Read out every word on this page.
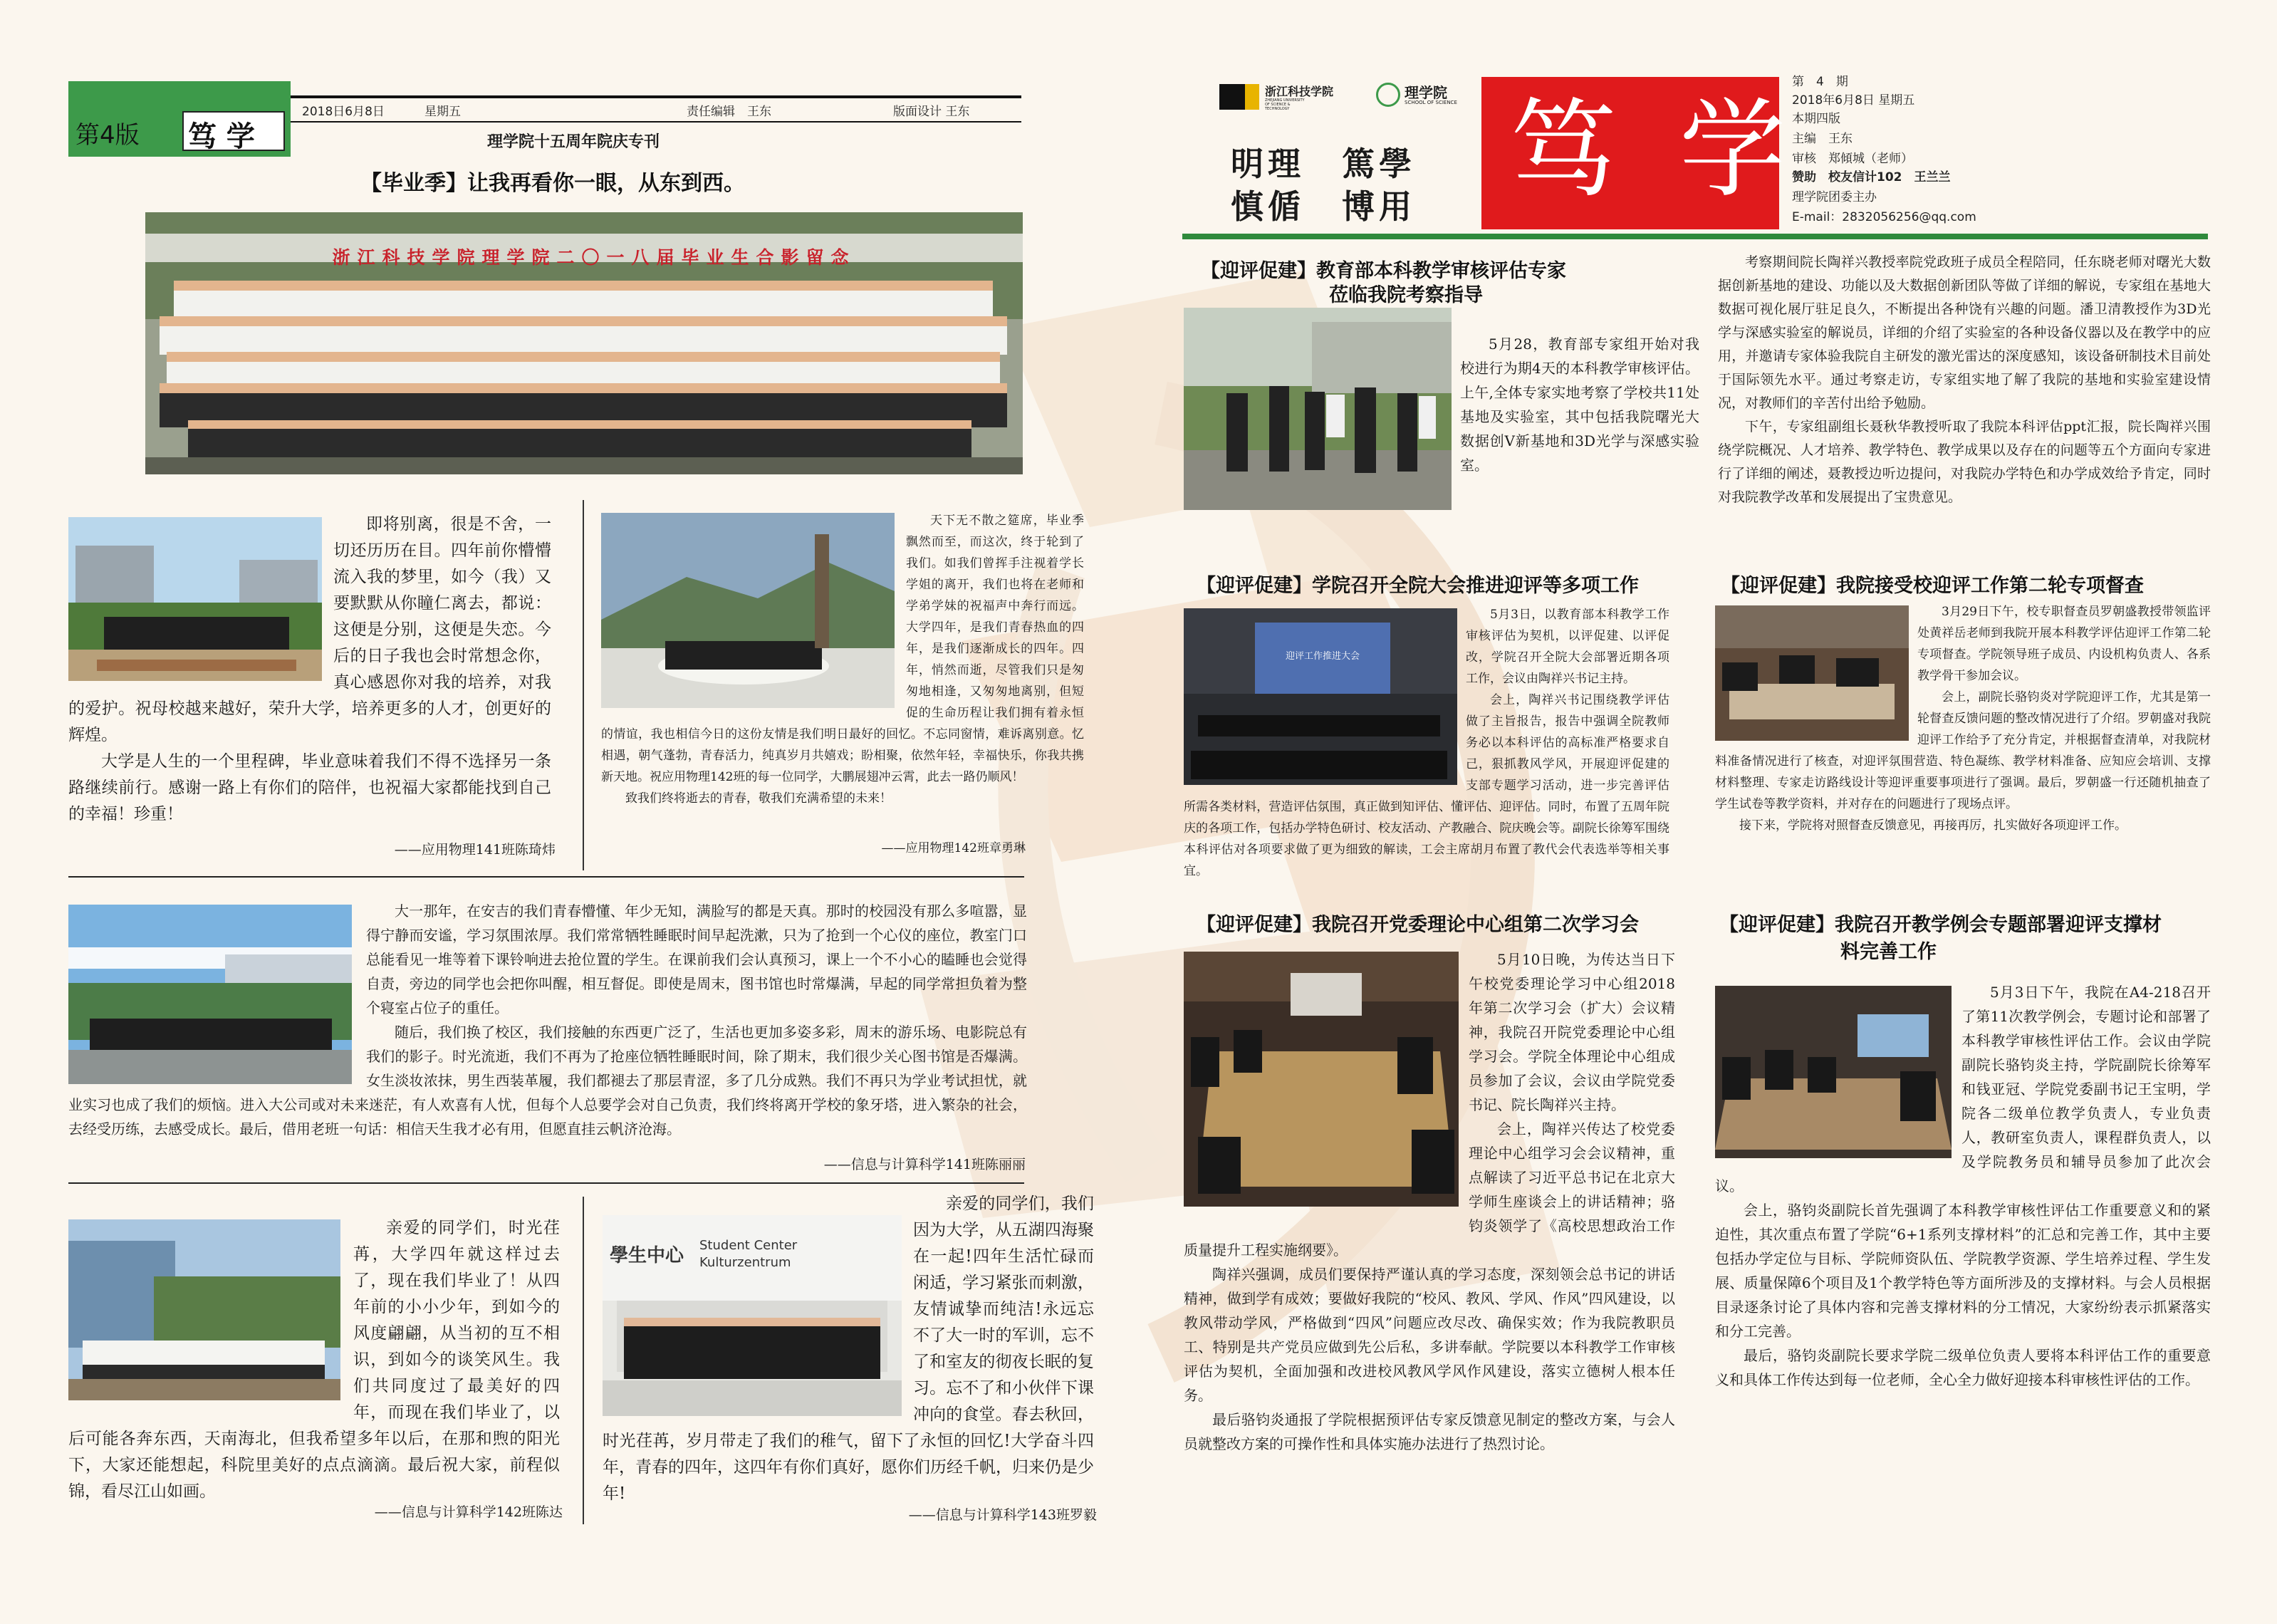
第4版 笃 学
2018日6月8日	星期五	责任编辑　王东	版面设计 王东
理学院十五周年院庆专刊
【毕业季】让我再看你一眼，从东到西。
浙江科技学院理学院二〇一八届毕业生合影留念

即将别离，很是不舍，一切还历历在目。四年前你懵懵流入我的梦里，如今（我）又要默默从你瞳仁离去，都说：这便是分别，这便是失恋。今后的日子我也会时常想念你，真心感恩你对我的培养，对我的爱护。祝母校越来越好，荣升大学，培养更多的人才，创更好的辉煌。

大学是人生的一个里程碑，毕业意味着我们不得不选择另一条路继续前行。感谢一路上有你们的陪伴，也祝福大家都能找到自己的幸福！珍重！

——应用物理141班陈琦炜

天下无不散之筵席，毕业季飘然而至，而这次，终于轮到了我们。如我们曾挥手注视着学长学姐的离开，我们也将在老师和学弟学妹的祝福声中奔行而远。大学四年，是我们青春热血的四年，是我们逐渐成长的四年。四年，悄然而逝，尽管我们只是匆匆地相逢，又匆匆地离别，但短促的生命历程让我们拥有着永恒的情谊，我也相信今日的这份友情是我们明日最好的回忆。不忘同窗情，难诉离别意。忆相遇，朝气蓬勃，青春活力，纯真岁月共嬉戏；盼相聚，依然年轻，幸福快乐，你我共携新天地。祝应用物理142班的每一位同学，大鹏展翅冲云霄，此去一路仍顺风！

致我们终将逝去的青春，敬我们充满希望的未来！

——应用物理142班章勇琳

大一那年，在安吉的我们青春懵懂、年少无知，满脸写的都是天真。那时的校园没有那么多喧嚣，显得宁静而安谧，学习氛围浓厚。我们常常牺牲睡眠时间早起洗漱，只为了抢到一个心仪的座位，教室门口总能看见一堆等着下课铃响进去抢位置的学生。在课前我们会认真预习，课上一个不小心的瞌睡也会觉得自责，旁边的同学也会把你叫醒，相互督促。即使是周末，图书馆也时常爆满，早起的同学常担负着为整个寝室占位子的重任。

随后，我们换了校区，我们接触的东西更广泛了，生活也更加多姿多彩，周末的游乐场、电影院总有我们的影子。时光流逝，我们不再为了抢座位牺牲睡眠时间，除了期末，我们很少关心图书馆是否爆满。女生淡妆浓抹，男生西装革履，我们都褪去了那层青涩，多了几分成熟。我们不再只为学业考试担忧，就业实习也成了我们的烦恼。进入大公司或对未来迷茫，有人欢喜有人忧，但每个人总要学会对自己负责，我们终将离开学校的象牙塔，进入繁杂的社会，去经受历练，去感受成长。最后，借用老班一句话：相信天生我才必有用，但愿直挂云帆济沧海。

——信息与计算科学141班陈丽丽

亲爱的同学们，时光荏苒，大学四年就这样过去了，现在我们毕业了！从四年前的小小少年，到如今的风度翩翩，从当初的互不相识，到如今的谈笑风生。我们共同度过了最美好的四年，而现在我们毕业了，以后可能各奔东西，天南海北，但我希望多年以后，在那和煦的阳光下，大家还能想起，科院里美好的点点滴滴。最后祝大家，前程似锦，看尽江山如画。

——信息与计算科学142班陈达
學生中心 Student Center
Kulturzentrum

亲爱的同学们，我们因为大学，从五湖四海聚在一起!四年生活忙碌而闲适，学习紧张而刺激，友情诚挚而纯洁!永远忘不了大一时的军训，忘不了和室友的彻夜长眠的复习。忘不了和小伙伴下课冲向的食堂。春去秋回，时光荏苒，岁月带走了我们的稚气，留下了永恒的回忆!大学奋斗四年，青春的四年，这四年有你们真好，愿你们历经千帆，归来仍是少年!

——信息与计算科学143班罗毅
浙江科技学院
ZHEJIANG UNIVERSITY OF SCIENCE & TECHNOLOGY
理学院
SCHOOL OF SCIENCE
明理　篤學
慎偱　博用 笃 学
第　4　期
2018年6月8日 星期五
本期四版
主编　王东
审核　郑傾城（老师）
赞助　校友信计102　王兰兰
理学院团委主办
E-mail：2832056256@qq.com
【迎评促建】教育部本科教学审核评估专家
莅临我院考察指导

5月28，教育部专家组开始对我校进行为期4天的本科教学审核评估。上午,全体专家实地考察了学校共11处基地及实验室，其中包括我院曙光大数据创V新基地和3D光学与深感实验室。

考察期间院长陶祥兴教授率院党政班子成员全程陪同，任东晓老师对曙光大数据创新基地的建设、功能以及大数据创新团队等做了详细的解说，专家组在基地大数据可视化展厅驻足良久，不断提出各种饶有兴趣的问题。潘卫清教授作为3D光学与深感实验室的解说员，详细的介绍了实验室的各种设备仪器以及在教学中的应用，并邀请专家体验我院自主研发的激光雷达的深度感知，该设备研制技术目前处于国际领先水平。通过考察走访，专家组实地了解了我院的基地和实验室建设情况，对教师们的辛苦付出给予勉励。

下午，专家组副组长聂秋华教授听取了我院本科评估ppt汇报，院长陶祥兴围绕学院概况、人才培养、教学特色、教学成果以及存在的问题等五个方面向专家进行了详细的阐述，聂教授边听边提问，对我院办学特色和办学成效给予肯定，同时对我院教学改革和发展提出了宝贵意见。

【迎评促建】学院召开全院大会推进迎评等多项工作
迎评工作推进大会

5月3日，以教育部本科教学工作审核评估为契机，以评促建、以评促改，学院召开全院大会部署近期各项工作，会议由陶祥兴书记主持。

会上，陶祥兴书记围绕教学评估做了主旨报告，报告中强调全院教师务必以本科评估的高标准严格要求自己，狠抓教风学风，开展迎评促建的支部专题学习活动，进一步完善评估所需各类材料，营造评估氛围，真正做到知评估、懂评估、迎评估。同时，布置了五周年院庆的各项工作，包括办学特色研讨、校友活动、产教融合、院庆晚会等。副院长徐筹军围绕本科评估对各项要求做了更为细致的解读，工会主席胡月布置了教代会代表选举等相关事宜。

【迎评促建】我院接受校迎评工作第二轮专项督查

3月29日下午，校专职督查员罗朝盛教授带领监评处黄祥岳老师到我院开展本科教学评估迎评工作第二轮专项督查。学院领导班子成员、内设机构负责人、各系教学骨干参加会议。

会上，副院长骆钧炎对学院迎评工作，尤其是第一轮督查反馈问题的整改情况进行了介绍。罗朝盛对我院迎评工作给予了充分肯定，并根据督查清单，对我院材料准备情况进行了核查，对迎评氛围营造、特色凝练、教学材料准备、应知应会培训、支撑材料整理、专家走访路线设计等迎评重要事项进行了强调。最后，罗朝盛一行还随机抽查了学生试卷等教学资料，并对存在的问题进行了现场点评。

接下来，学院将对照督查反馈意见，再接再厉，扎实做好各项迎评工作。

【迎评促建】我院召开党委理论中心组第二次学习会

5月10日晚，为传达当日下午校党委理论学习中心组2018年第二次学习会（扩大）会议精神，我院召开院党委理论中心组学习会。学院全体理论中心组成员参加了会议，会议由学院党委书记、院长陶祥兴主持。

会上，陶祥兴传达了校党委理论中心组学习会会议精神，重点解读了习近平总书记在北京大学师生座谈会上的讲话精神；骆钧炎领学了《高校思想政治工作质量提升工程实施纲要》。

陶祥兴强调，成员们要保持严谨认真的学习态度，深刻领会总书记的讲话精神，做到学有成效；要做好我院的“校风、教风、学风、作风”四风建设，以教风带动学风，严格做到“四风”问题应改尽改、确保实效；作为我院教职员工、特别是共产党员应做到先公后私，多讲奉献。学院要以本科教学工作审核评估为契机，全面加强和改进校风教风学风作风建设，落实立德树人根本任务。

最后骆钧炎通报了学院根据预评估专家反馈意见制定的整改方案，与会人员就整改方案的可操作性和具体实施办法进行了热烈讨论。

【迎评促建】我院召开教学例会专题部署迎评支撑材
料完善工作

5月3日下午，我院在A4-218召开了第11次教学例会，专题讨论和部署了本科教学审核性评估工作。会议由学院副院长骆钧炎主持，学院副院长徐筹军和钱亚冠、学院党委副书记王宝明，学院各二级单位教学负责人，专业负责人，教研室负责人，课程群负责人，以及学院教务员和辅导员参加了此次会议。

会上，骆钧炎副院长首先强调了本科教学审核性评估工作重要意义和的紧迫性，其次重点布置了学院“6+1系列支撑材料”的汇总和完善工作，其中主要包括办学定位与目标、学院师资队伍、学院教学资源、学生培养过程、学生发展、质量保障6个项目及1个教学特色等方面所涉及的支撑材料。与会人员根据目录逐条讨论了具体内容和完善支撑材料的分工情况，大家纷纷表示抓紧落实和分工完善。

最后，骆钧炎副院长要求学院二级单位负责人要将本科评估工作的重要意义和具体工作传达到每一位老师，全心全力做好迎接本科审核性评估的工作。
